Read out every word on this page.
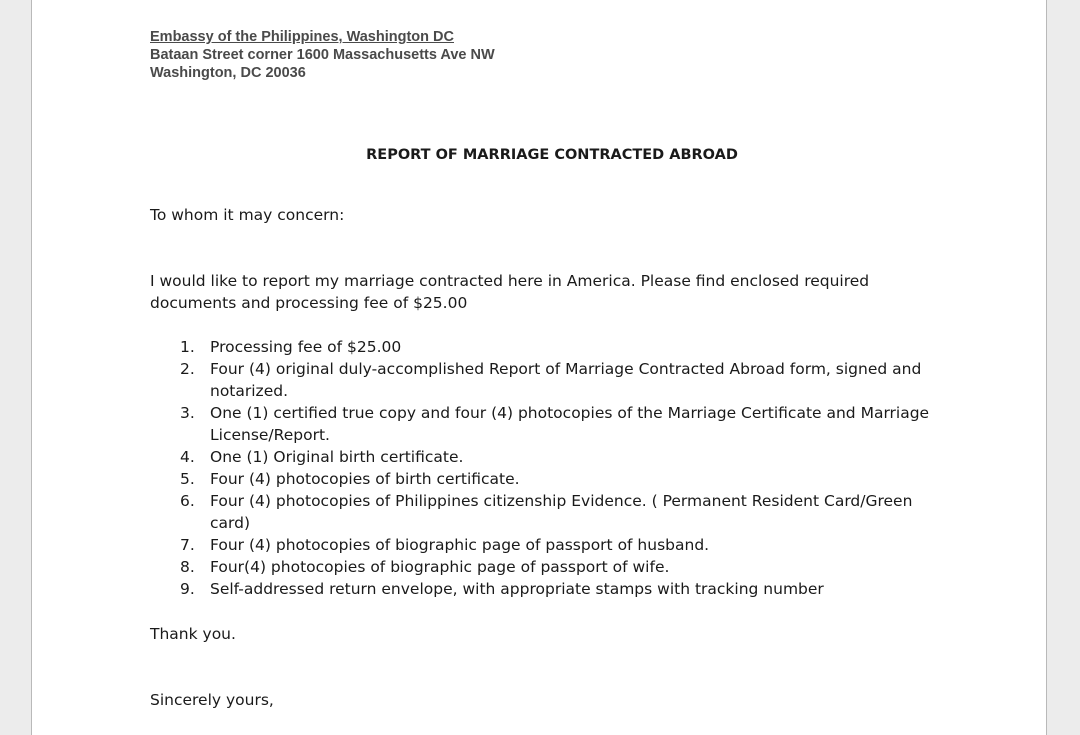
Embassy of the Philippines, Washington DC
Bataan Street corner 1600 Massachusetts Ave NW
Washington, DC 20036
REPORT OF MARRIAGE CONTRACTED ABROAD
To whom it may concern:
I would like to report my marriage contracted here in America. Please find enclosed required documents and processing fee of $25.00
1. Processing fee of $25.00
2. Four (4) original duly-accomplished Report of Marriage Contracted Abroad form, signed and notarized.
3. One (1) certified true copy and four (4) photocopies of the Marriage Certificate and Marriage License/Report.
4. One (1) Original birth certificate.
5. Four (4) photocopies of birth certificate.
6. Four (4) photocopies of Philippines citizenship Evidence. ( Permanent Resident Card/Green card)
7. Four (4) photocopies of biographic page of passport of husband.
8. Four(4) photocopies of biographic page of passport of wife.
9. Self-addressed return envelope, with appropriate stamps with tracking number
Thank you.
Sincerely yours,
